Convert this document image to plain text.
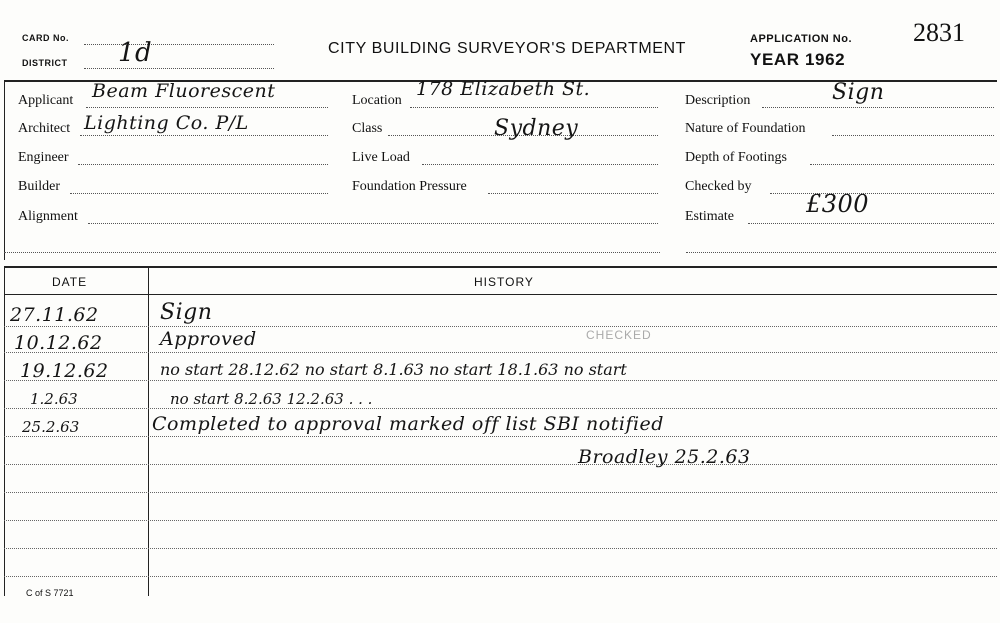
CARD No.
DISTRICT 1d	CITY BUILDING SURVEYOR'S DEPARTMENT
APPLICATION No. 2831
YEAR 1962
Applicant Beam Fluorescent
Architect Lighting Co. P/L
Engineer
Builder
Alignment
Location
178 Elizabeth St.
Class	Sydney
Live Load
Foundation Pressure
Description	Sign
Nature of Foundation
Depth of Footings
Checked by
Estimate	£300
DATE	HISTORY
CHECKED
27.11.62	Sign
10.12.62	Approved
19.12.62	no start 28.12.62 no start 8.1.63 no start 18.1.63 no start
1.2.63	no start 8.2.63 12.2.63 . . .
25.2.63	Completed to approval marked off list SBI notified
Broadley 25.2.63
C of S 7721
